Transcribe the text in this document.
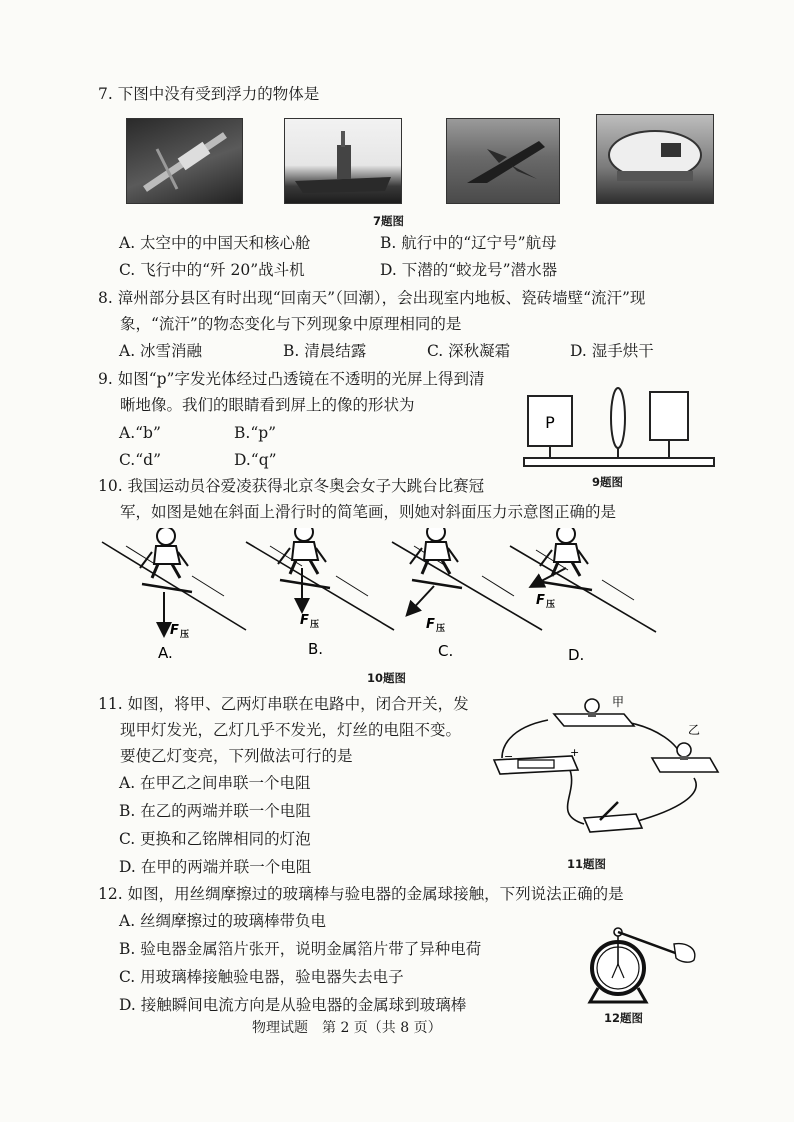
7. 下图中没有受到浮力的物体是
7题图
A. 太空中的中国天和核心舱	B. 航行中的“辽宁号”航母
C. 飞行中的“歼 20”战斗机	D. 下潜的“蛟龙号”潜水器
8. 漳州部分县区有时出现“回南天”（回潮），会出现室内地板、瓷砖墙壁“流汗”现
象，“流汗”的物态变化与下列现象中原理相同的是
A. 冰雪消融	B. 清晨结露	C. 深秋凝霜	D. 湿手烘干
9. 如图“p”字发光体经过凸透镜在不透明的光屏上得到清
晰地像。我们的眼睛看到屏上的像的形状为
A.“b”	B.“p”
C.“d”	D.“q”
P
9题图
10. 我国运动员谷爱凌获得北京冬奥会女子大跳台比赛冠
军，如图是她在斜面上滑行时的简笔画，则她对斜面压力示意图正确的是
F 压
A.
F 压
B.
F 压
C.
F 压
D.
10题图
11. 如图，将甲、乙两灯串联在电路中，闭合开关，发
现甲灯发光，乙灯几乎不发光，灯丝的电阻不变。
要使乙灯变亮，下列做法可行的是
A. 在甲乙之间串联一个电阻
B. 在乙的两端并联一个电阻
C. 更换和乙铭牌相同的灯泡
D. 在甲的两端并联一个电阻
甲
乙
−	+
11题图
12. 如图，用丝绸摩擦过的玻璃棒与验电器的金属球接触，下列说法正确的是
A. 丝绸摩擦过的玻璃棒带负电
B. 验电器金属箔片张开，说明金属箔片带了异种电荷
C. 用玻璃棒接触验电器，验电器失去电子
D. 接触瞬间电流方向是从验电器的金属球到玻璃棒
12题图
物理试题　第 2 页（共 8 页）
